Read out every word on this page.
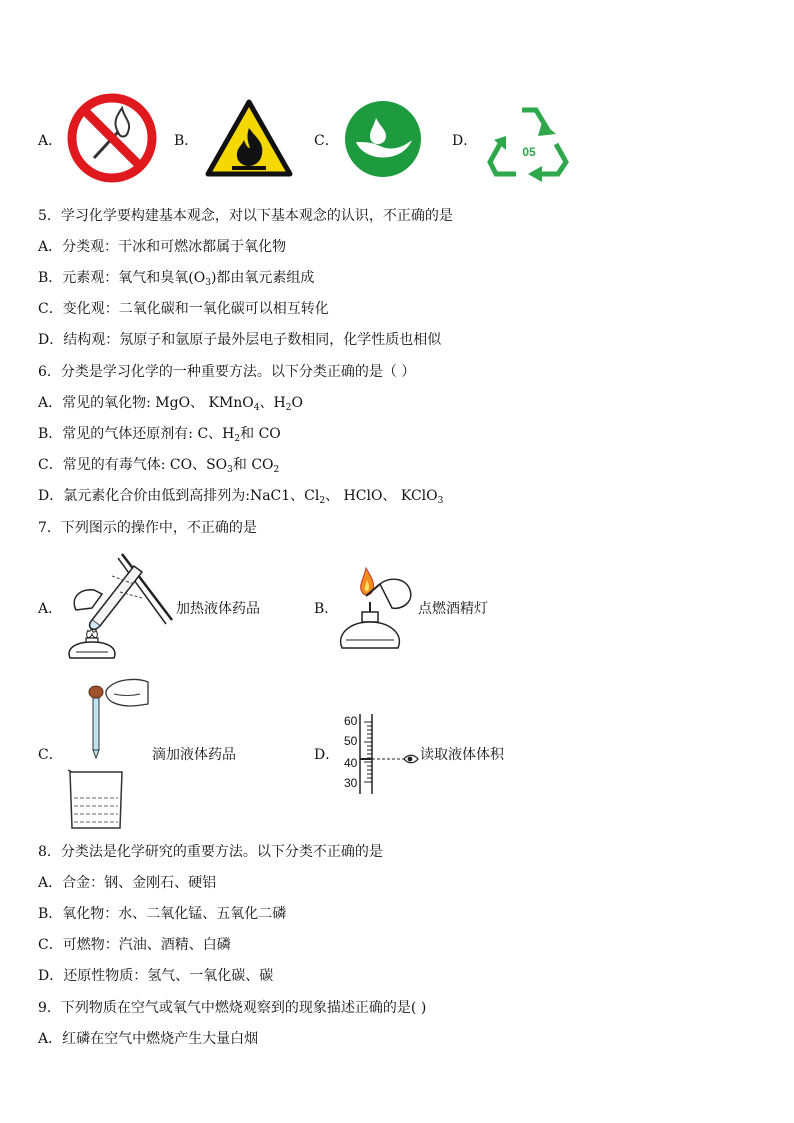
A．	B．	C．	D．
05
5．学习化学要构建基本观念，对以下基本观念的认识，不正确的是
A．分类观：干冰和可燃冰都属于氧化物
B．元素观：氧气和臭氧$(O_3)$都由氧元素组成
C．变化观：二氧化碳和一氧化碳可以相互转化
D．结构观：氖原子和氩原子最外层电子数相同，化学性质也相似
6．分类是学习化学的一种重要方法。以下分类正确的是（ ）
A．常见的氧化物: MgO、 KMnO$_4$、$H_2O$
B．常见的气体还原剂有: C、$H_2$和 CO
C．常见的有毒气体: CO、$SO_3$和 $CO_2$
D．氯元素化合价由低到高排列为:NaC1、$Cl_2$、 HClO、 KClO$_3$
7．下列图示的操作中，不正确的是
A．	加热液体药品	B．	点燃酒精灯
C．	滴加液体药品	D．
60
50
40
30
读取液体体积
8．分类法是化学研究的重要方法。以下分类不正确的是
A．合金：钢、金刚石、硬铝
B．氧化物：水、二氧化锰、五氧化二磷
C．可燃物：汽油、酒精、白磷
D．还原性物质：氢气、一氧化碳、碳
9．下列物质在空气或氧气中燃烧观察到的现象描述正确的是( )
A．红磷在空气中燃烧产生大量白烟
